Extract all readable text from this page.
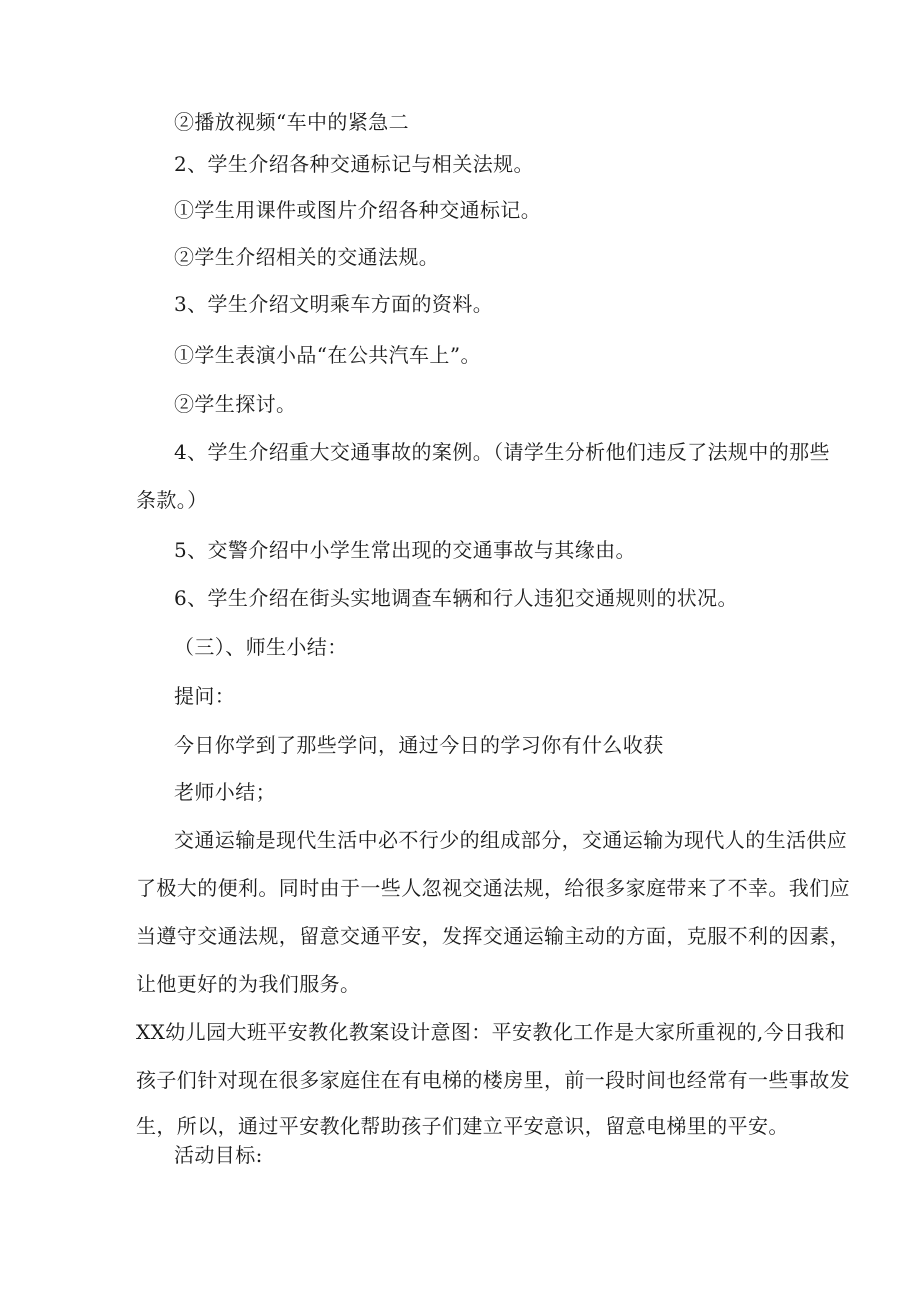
②播放视频“车中的紧急二
2、学生介绍各种交通标记与相关法规。
①学生用课件或图片介绍各种交通标记。
②学生介绍相关的交通法规。
3、学生介绍文明乘车方面的资料。
①学生表演小品“在公共汽车上”。
②学生探讨。
4、学生介绍重大交通事故的案例。（请学生分析他们违反了法规中的那些
条款。）
5、交警介绍中小学生常出现的交通事故与其缘由。
6、学生介绍在街头实地调查车辆和行人违犯交通规则的状况。
（三）、师生小结：
提问：
今日你学到了那些学问，通过今日的学习你有什么收获
老师小结；
交通运输是现代生活中必不行少的组成部分，交通运输为现代人的生活供应
了极大的便利。同时由于一些人忽视交通法规，给很多家庭带来了不幸。我们应
当遵守交通法规，留意交通平安，发挥交通运输主动的方面，克服不利的因素，
让他更好的为我们服务。
XX幼儿园大班平安教化教案设计意图：平安教化工作是大家所重视的,今日我和
孩子们针对现在很多家庭住在有电梯的楼房里，前一段时间也经常有一些事故发
生，所以，通过平安教化帮助孩子们建立平安意识，留意电梯里的平安。
活动目标:
